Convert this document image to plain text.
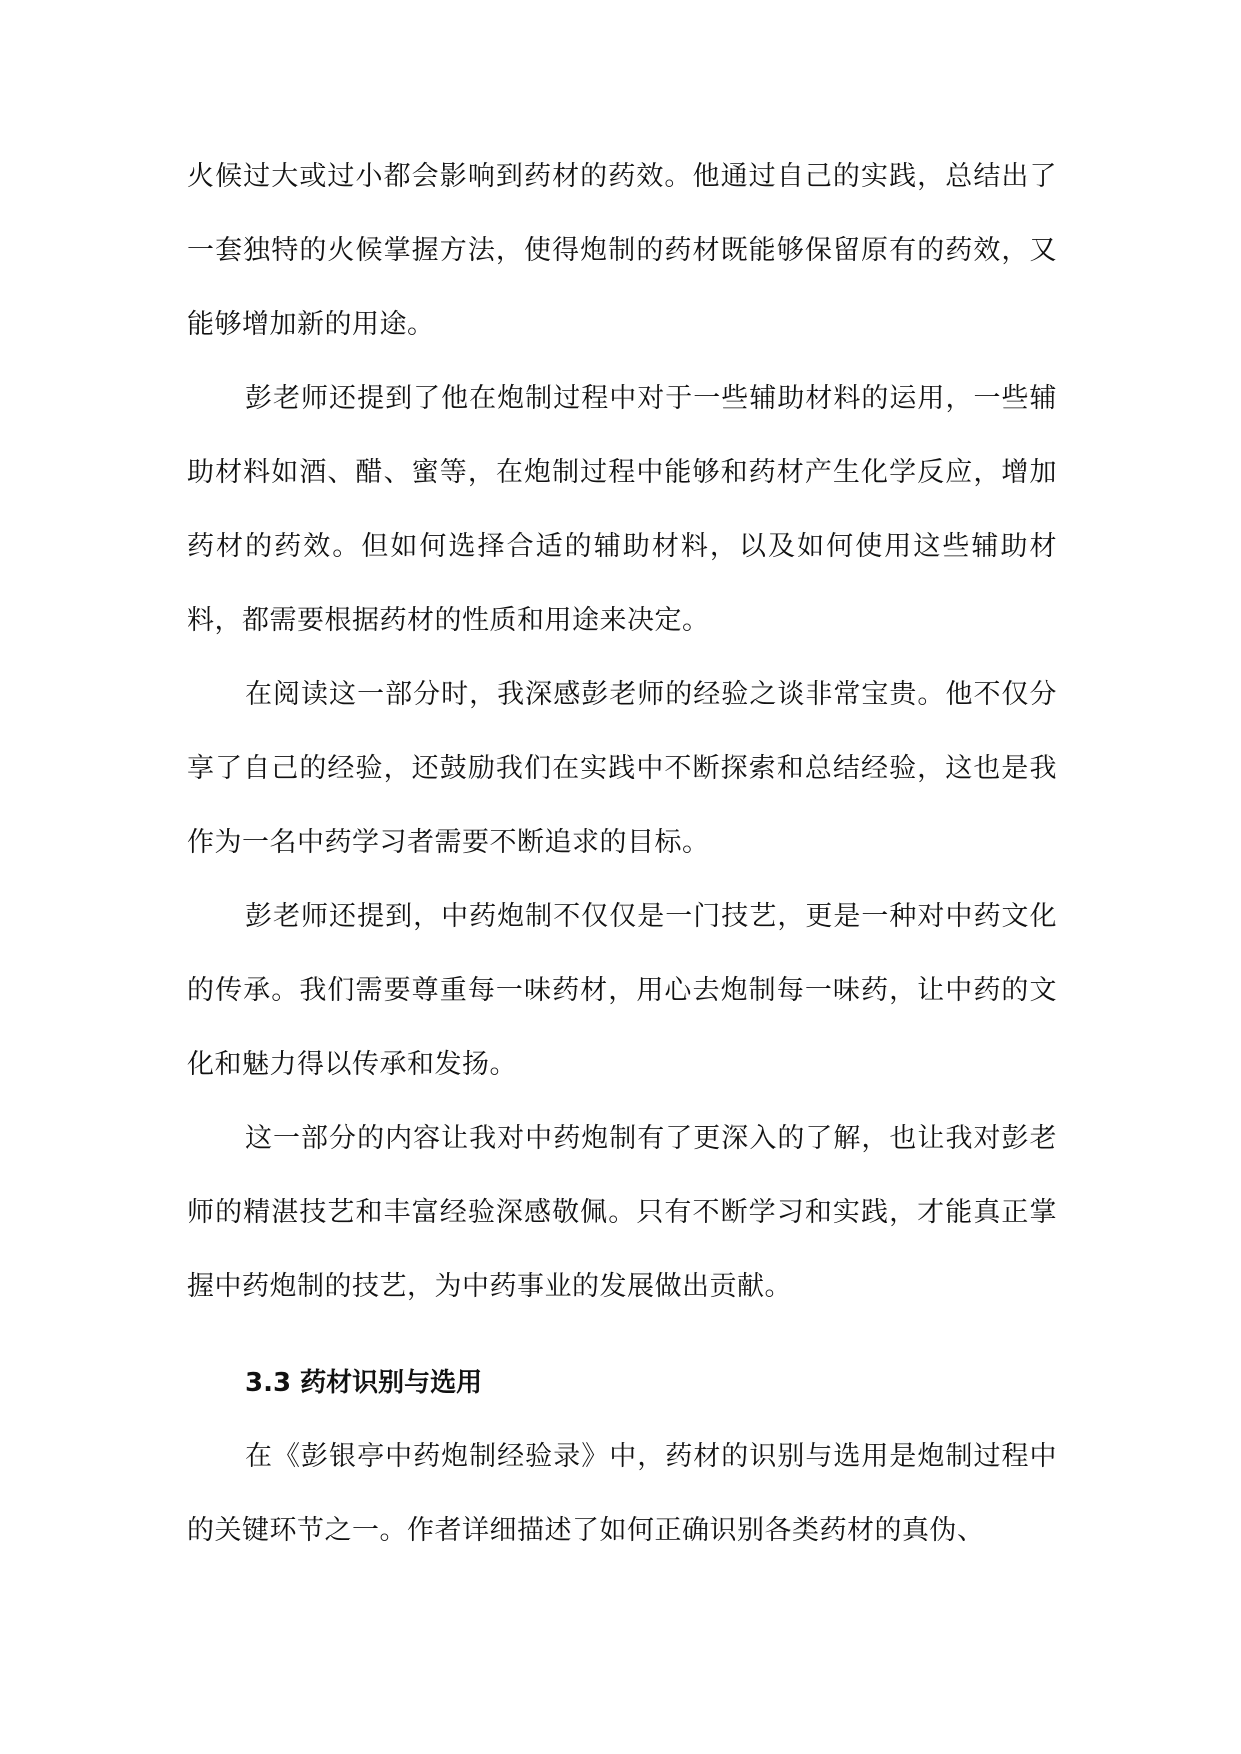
火候过大或过小都会影响到药材的药效。他通过自己的实践，总结出了一套独特的火候掌握方法，使得炮制的药材既能够保留原有的药效，又能够增加新的用途。

彭老师还提到了他在炮制过程中对于一些辅助材料的运用，一些辅助材料如酒、醋、蜜等，在炮制过程中能够和药材产生化学反应，增加药材的药效。但如何选择合适的辅助材料，以及如何使用这些辅助材料，都需要根据药材的性质和用途来决定。

在阅读这一部分时，我深感彭老师的经验之谈非常宝贵。他不仅分享了自己的经验，还鼓励我们在实践中不断探索和总结经验，这也是我作为一名中药学习者需要不断追求的目标。

彭老师还提到，中药炮制不仅仅是一门技艺，更是一种对中药文化的传承。我们需要尊重每一味药材，用心去炮制每一味药，让中药的文化和魅力得以传承和发扬。

这一部分的内容让我对中药炮制有了更深入的了解，也让我对彭老师的精湛技艺和丰富经验深感敬佩。只有不断学习和实践，才能真正掌握中药炮制的技艺，为中药事业的发展做出贡献。

3.3 药材识别与选用

在《彭银亭中药炮制经验录》中，药材的识别与选用是炮制过程中的关键环节之一。作者详细描述了如何正确识别各类药材的真伪、
